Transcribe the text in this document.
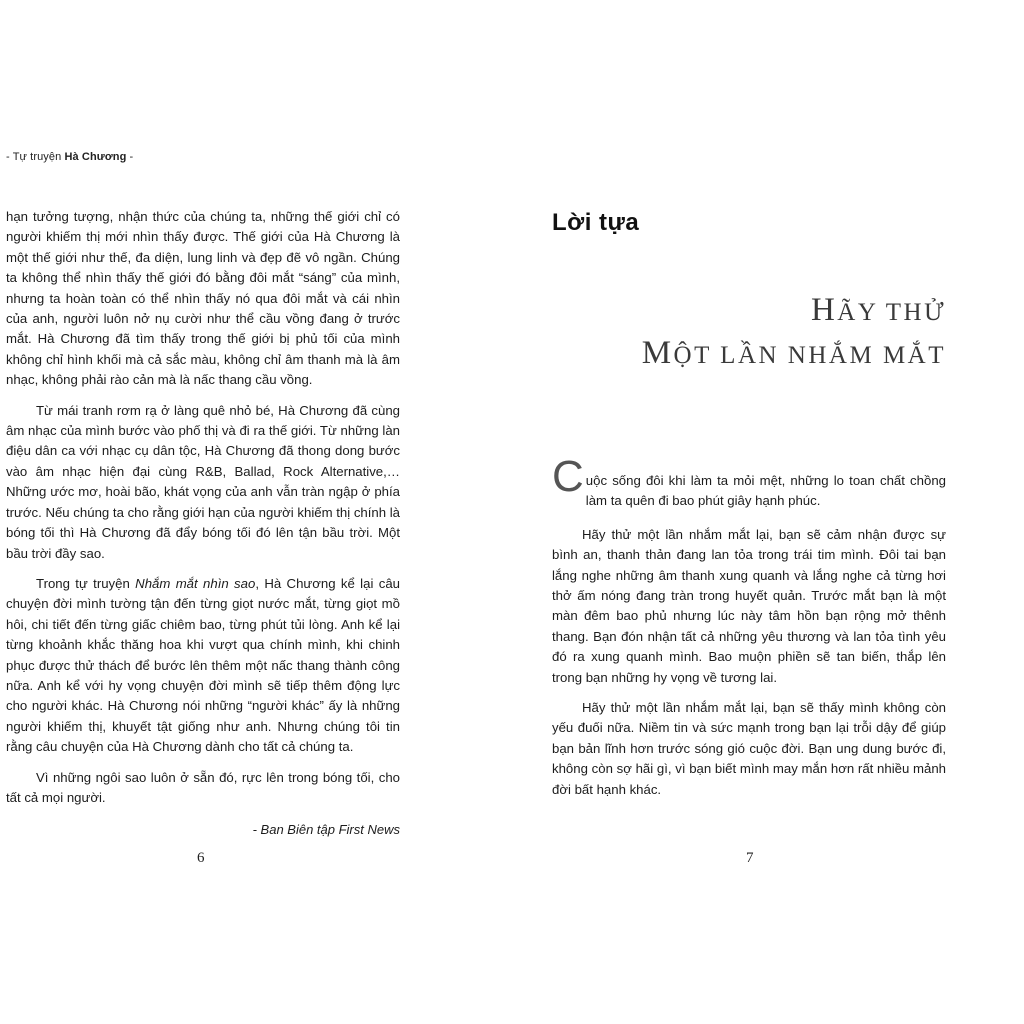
- Tự truyện Hà Chương -

hạn tưởng tượng, nhận thức của chúng ta, những thế giới chỉ có người khiếm thị mới nhìn thấy được. Thế giới của Hà Chương là một thế giới như thế, đa diện, lung linh và đẹp đẽ vô ngần. Chúng ta không thể nhìn thấy thế giới đó bằng đôi mắt “sáng” của mình, nhưng ta hoàn toàn có thể nhìn thấy nó qua đôi mắt và cái nhìn của anh, người luôn nở nụ cười như thể cầu vồng đang ở trước mắt. Hà Chương đã tìm thấy trong thế giới bị phủ tối của mình không chỉ hình khối mà cả sắc màu, không chỉ âm thanh mà là âm nhạc, không phải rào cản mà là nấc thang cầu vồng.

Từ mái tranh rơm rạ ở làng quê nhỏ bé, Hà Chương đã cùng âm nhạc của mình bước vào phố thị và đi ra thế giới. Từ những làn điệu dân ca với nhạc cụ dân tộc, Hà Chương đã thong dong bước vào âm nhạc hiện đại cùng R&B, Ballad, Rock Alternative,… Những ước mơ, hoài bão, khát vọng của anh vẫn tràn ngập ở phía trước. Nếu chúng ta cho rằng giới hạn của người khiếm thị chính là bóng tối thì Hà Chương đã đẩy bóng tối đó lên tận bầu trời. Một bầu trời đầy sao.

Trong tự truyện Nhắm mắt nhìn sao, Hà Chương kể lại câu chuyện đời mình tường tận đến từng giọt nước mắt, từng giọt mồ hôi, chi tiết đến từng giấc chiêm bao, từng phút tủi lòng. Anh kể lại từng khoảnh khắc thăng hoa khi vượt qua chính mình, khi chinh phục được thử thách để bước lên thêm một nấc thang thành công nữa. Anh kể với hy vọng chuyện đời mình sẽ tiếp thêm động lực cho người khác. Hà Chương nói những “người khác” ấy là những người khiếm thị, khuyết tật giống như anh. Nhưng chúng tôi tin rằng câu chuyện của Hà Chương dành cho tất cả chúng ta.

Vì những ngôi sao luôn ở sẵn đó, rực lên trong bóng tối, cho tất cả mọi người.

- Ban Biên tập First News
6
Lời tựa
HÃY THỬ
MỘT LẦN NHẮM MẮT

Cuộc sống đôi khi làm ta mỏi mệt, những lo toan chất chồng làm ta quên đi bao phút giây hạnh phúc.

Hãy thử một lần nhắm mắt lại, bạn sẽ cảm nhận được sự bình an, thanh thản đang lan tỏa trong trái tim mình. Đôi tai bạn lắng nghe những âm thanh xung quanh và lắng nghe cả từng hơi thở ấm nóng đang tràn trong huyết quản. Trước mắt bạn là một màn đêm bao phủ nhưng lúc này tâm hồn bạn rộng mở thênh thang. Bạn đón nhận tất cả những yêu thương và lan tỏa tình yêu đó ra xung quanh mình. Bao muộn phiền sẽ tan biến, thắp lên trong bạn những hy vọng về tương lai.

Hãy thử một lần nhắm mắt lại, bạn sẽ thấy mình không còn yếu đuối nữa. Niềm tin và sức mạnh trong bạn lại trỗi dậy để giúp bạn bản lĩnh hơn trước sóng gió cuộc đời. Bạn ung dung bước đi, không còn sợ hãi gì, vì bạn biết mình may mắn hơn rất nhiều mảnh đời bất hạnh khác.

7
